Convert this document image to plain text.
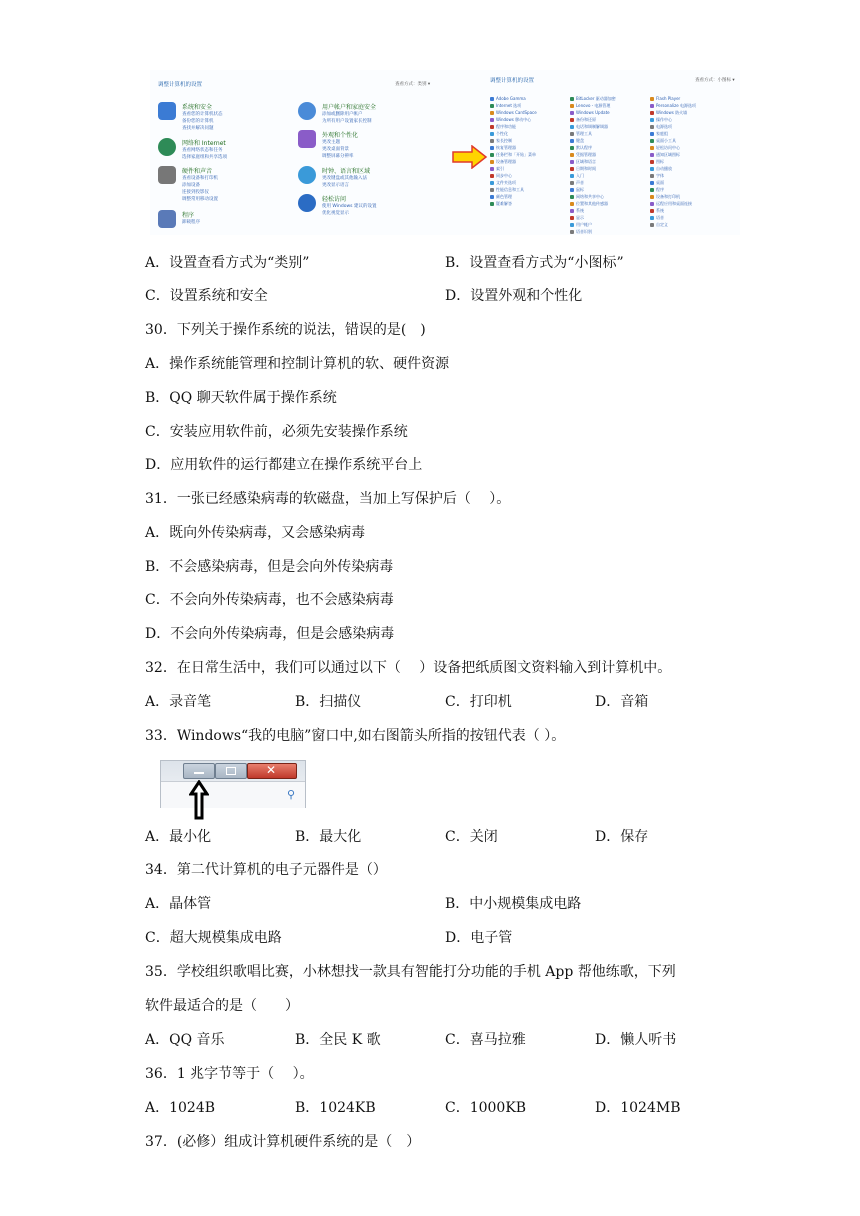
调整计算机的设置	查看方式：类别 ▾
系统和安全
查看您的计算机状态
备份您的计算机
查找并解决问题
网络和 Internet
查看网络状态和任务
选择家庭组和共享选项
硬件和声音
查看设备和打印机
添加设备
连接到投影仪
调整常用移动设置
程序
卸载程序
用户帐户和家庭安全
添加或删除用户帐户
为所有用户设置家长控制
外观和个性化
更改主题
更改桌面背景
调整屏幕分辨率
时钟、语言和区域
更改键盘或其他输入法
更改显示语言
轻松访问
使用 Windows 建议的设置
优化视觉显示
调整计算机的设置	查看方式：小图标 ▾
Adobe Gamma
Internet 选项
Windows CardSpace
Windows 移动中心
程序和功能
个性化
家长控制
恢复管理器
任务栏和「开始」菜单
设备管理器
索引
同步中心
文件夹选项
性能信息和工具
颜色管理
疑难解答
BitLocker 驱动器加密
Lenovo - 电源管理
Windows Update
备份和还原
电话和调制解调器
管理工具
键盘
默认程序
凭据管理器
区域和语言
日期和时间
入门
声音
鼠标
网络和共享中心
位置和其他传感器
系统
显示
用户帐户
语音识别
Flash Player
Personalize 电源选项
Windows 防火墙
操作中心
电源选项
家庭组
桌面小工具
轻松访问中心
通知区域图标
图标
自动播放
字体
桌面
程序
设备和打印机
远程应用和桌面连接
系统
语音
自定义
A．设置查看方式为“类别”	B．设置查看方式为“小图标”
C．设置系统和安全	D．设置外观和个性化
30．下列关于操作系统的说法，错误的是(　)
A．操作系统能管理和控制计算机的软、硬件资源
B．QQ 聊天软件属于操作系统
C．安装应用软件前，必须先安装操作系统
D．应用软件的运行都建立在操作系统平台上
31．一张已经感染病毒的软磁盘，当加上写保护后（　 ）。
A．既向外传染病毒，又会感染病毒
B．不会感染病毒，但是会向外传染病毒
C．不会向外传染病毒，也不会感染病毒
D．不会向外传染病毒，但是会感染病毒
32．在日常生活中，我们可以通过以下（　 ）设备把纸质图文资料输入到计算机中。
A．录音笔	B．扫描仪	C．打印机	D．音箱
33．Windows“我的电脑”窗口中,如右图箭头所指的按钮代表（ ）。
✕
⚲
A．最小化	B．最大化	C．关闭	D．保存
34．第二代计算机的电子元器件是（）
A．晶体管	B．中小规模集成电路
C．超大规模集成电路	D．电子管
35．学校组织歌唱比赛，小林想找一款具有智能打分功能的手机 App 帮他练歌，下列
软件最适合的是（　　）
A．QQ 音乐	B．全民 K 歌	C．喜马拉雅	D．懒人听书
36．1 兆字节等于（　 ）。
A．1024B	B．1024KB	C．1000KB	D．1024MB
37．(必修）组成计算机硬件系统的是（　）
